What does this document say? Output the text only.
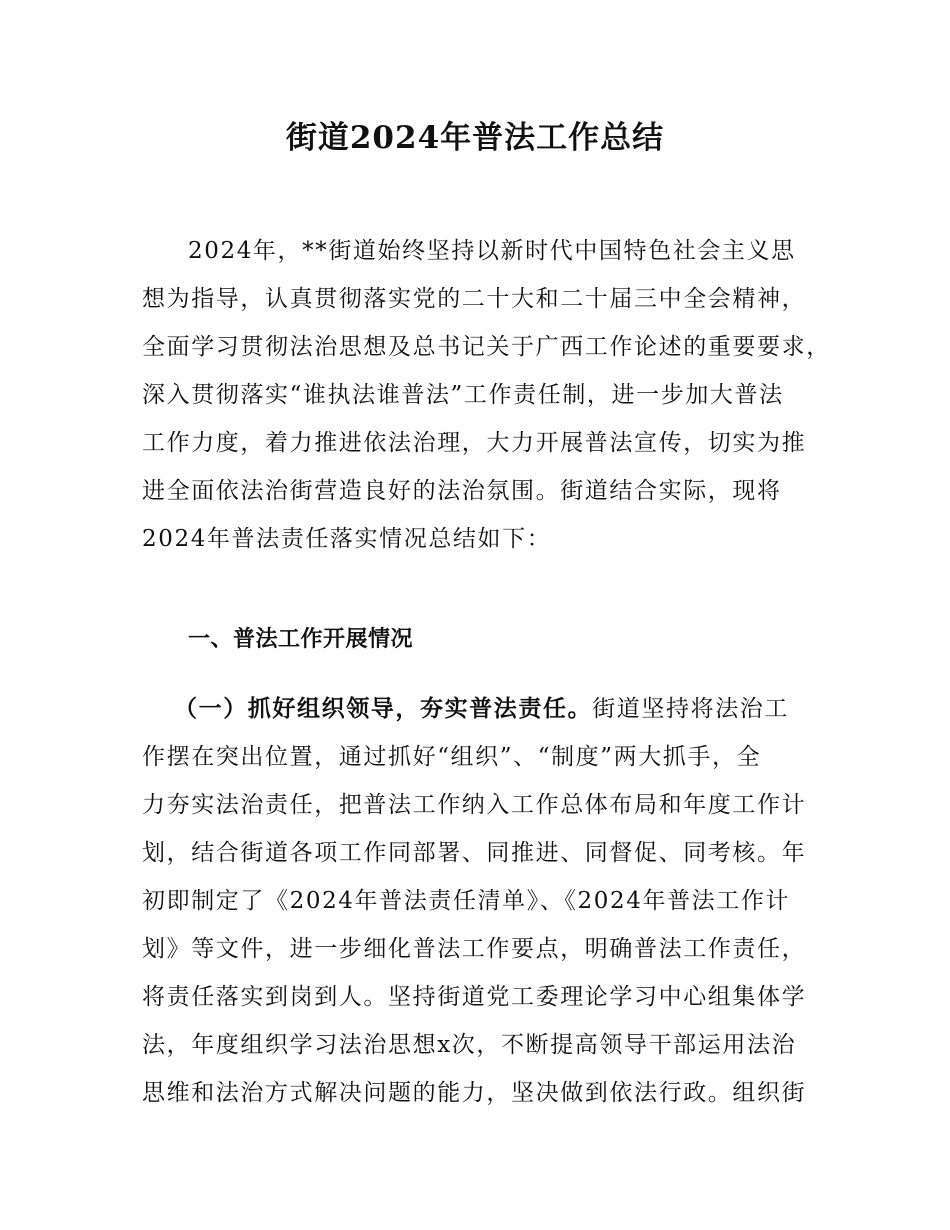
街道2024年普法工作总结
2024年，**街道始终坚持以新时代中国特色社会主义思
想为指导，认真贯彻落实党的二十大和二十届三中全会精神，
全面学习贯彻法治思想及总书记关于广西工作论述的重要要求，
深入贯彻落实“谁执法谁普法”工作责任制，进一步加大普法
工作力度，着力推进依法治理，大力开展普法宣传，切实为推
进全面依法治街营造良好的法治氛围。街道结合实际，现将
2024年普法责任落实情况总结如下：
一、普法工作开展情况
（一）抓好组织领导，夯实普法责任。街道坚持将法治工
作摆在突出位置，通过抓好“组织”、“制度”两大抓手，全
力夯实法治责任，把普法工作纳入工作总体布局和年度工作计
划，结合街道各项工作同部署、同推进、同督促、同考核。年
初即制定了《2024年普法责任清单》、《2024年普法工作计
划》等文件，进一步细化普法工作要点，明确普法工作责任，
将责任落实到岗到人。坚持街道党工委理论学习中心组集体学
法，年度组织学习法治思想x次，不断提高领导干部运用法治
思维和法治方式解决问题的能力，坚决做到依法行政。组织街
